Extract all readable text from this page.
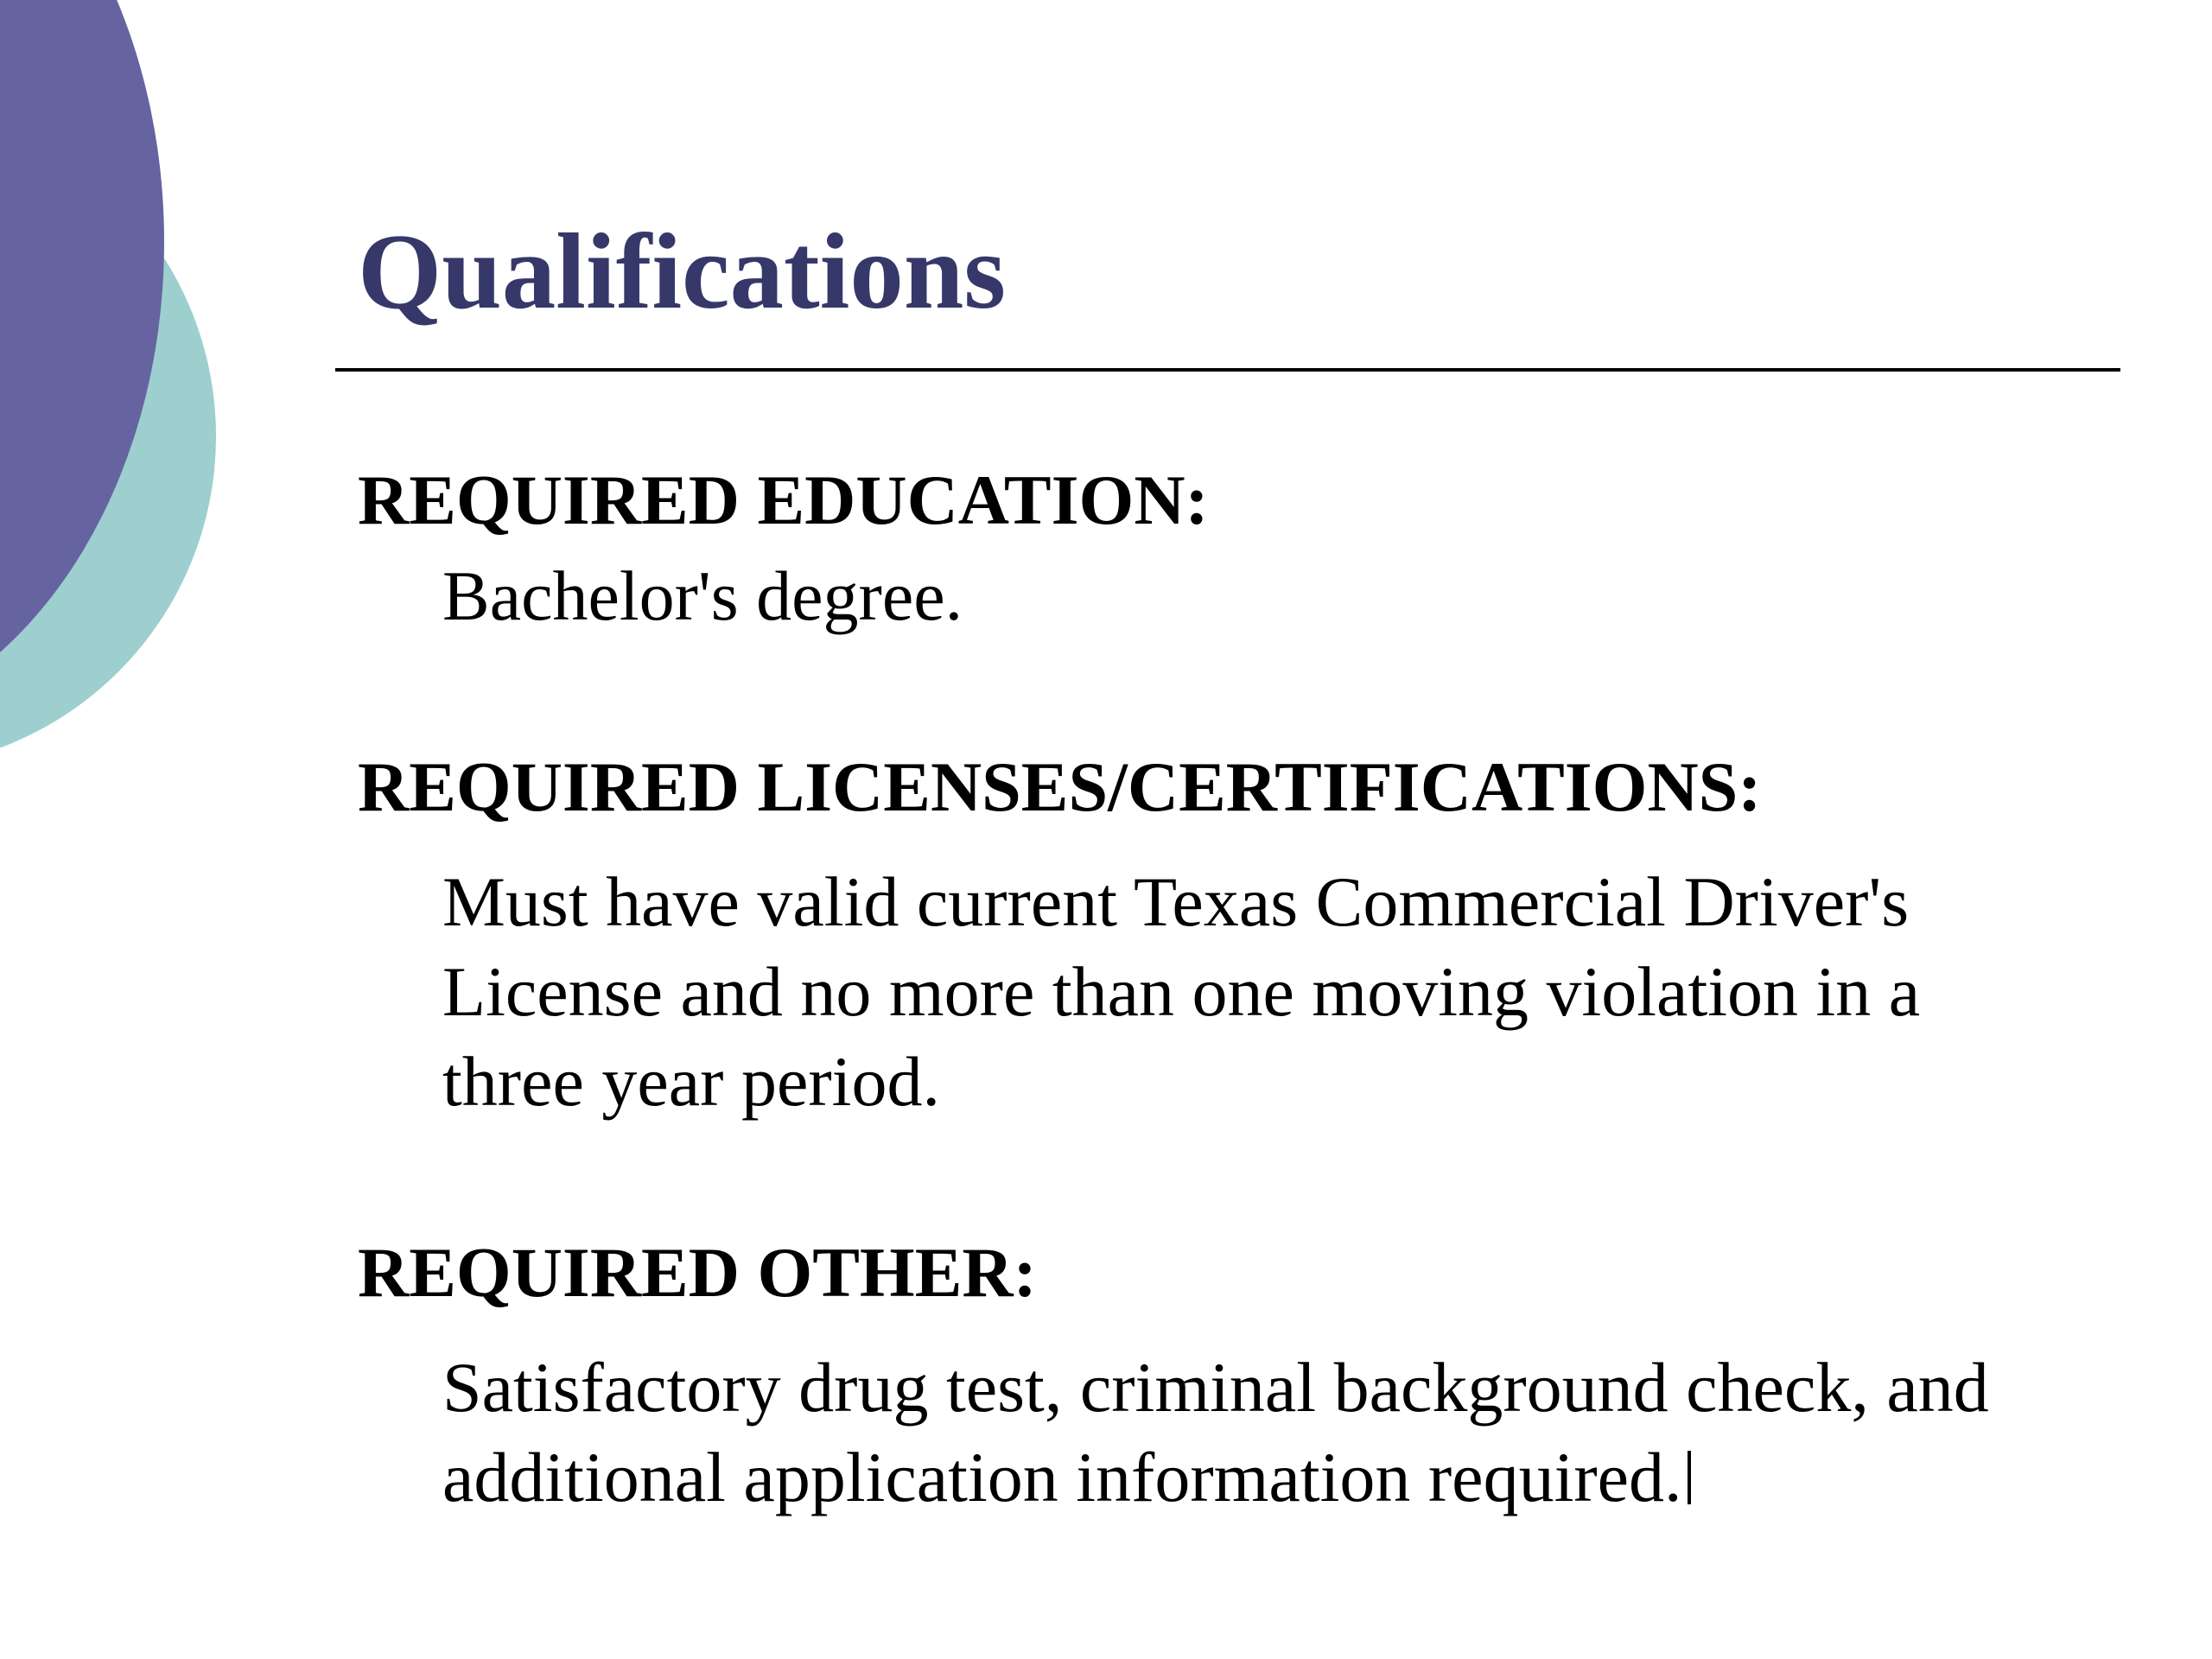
Qualifications
REQUIRED EDUCATION:

Bachelor's degree.

REQUIRED LICENSES/CERTIFICATIONS:

Must have valid current Texas Commercial Driver's
License and no more than one moving violation in a
three year period.

REQUIRED OTHER:

Satisfactory drug test, criminal background check, and
additional application information required.
